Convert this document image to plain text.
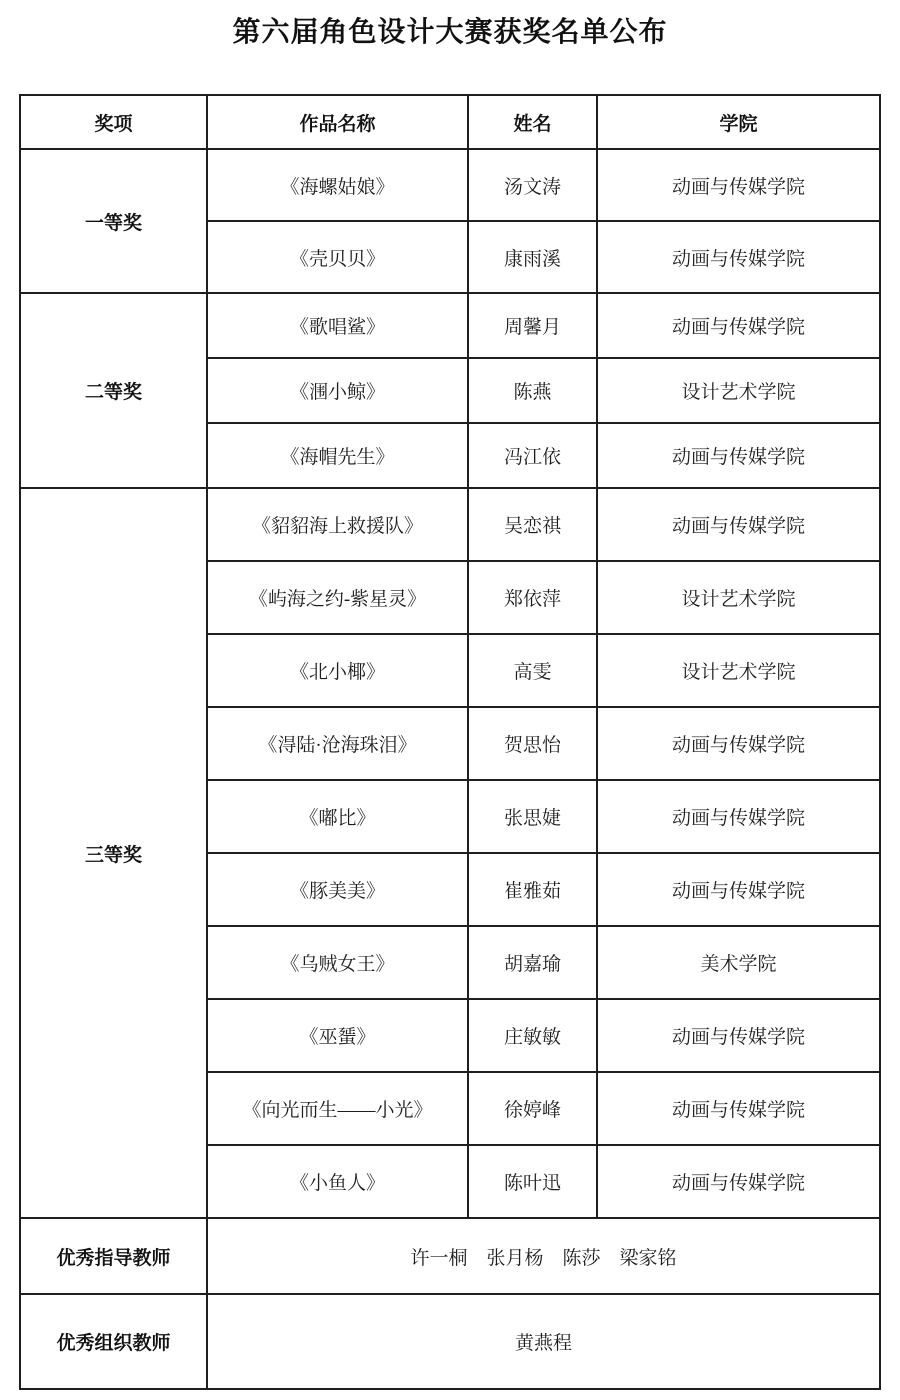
第六届角色设计大赛获奖名单公布
奖项	作品名称	姓名	学院
一等奖	《海螺姑娘》	汤文涛	动画与传媒学院
	《壳贝贝》	康雨溪	动画与传媒学院
二等奖	《歌唱鲨》	周馨月	动画与传媒学院
	《涠小鲸》	陈燕	设计艺术学院
	《海帽先生》	冯江依	动画与传媒学院
三等奖	《貂貂海上救援队》	吴恋祺	动画与传媒学院
	《屿海之约-紫星灵》	郑依萍	设计艺术学院
	《北小椰》	高雯	设计艺术学院
	《淂陆·沧海珠泪》	贺思怡	动画与传媒学院
	《嘟比》	张思婕	动画与传媒学院
	《豚美美》	崔雅茹	动画与传媒学院
	《乌贼女王》	胡嘉瑜	美术学院
	《巫蜑》	庄敏敏	动画与传媒学院
	《向光而生——小光》	徐婷峰	动画与传媒学院
	《小鱼人》	陈叶迅	动画与传媒学院
优秀指导教师	许一桐　张月杨　陈莎　梁家铭		
优秀组织教师	黄燕程		
